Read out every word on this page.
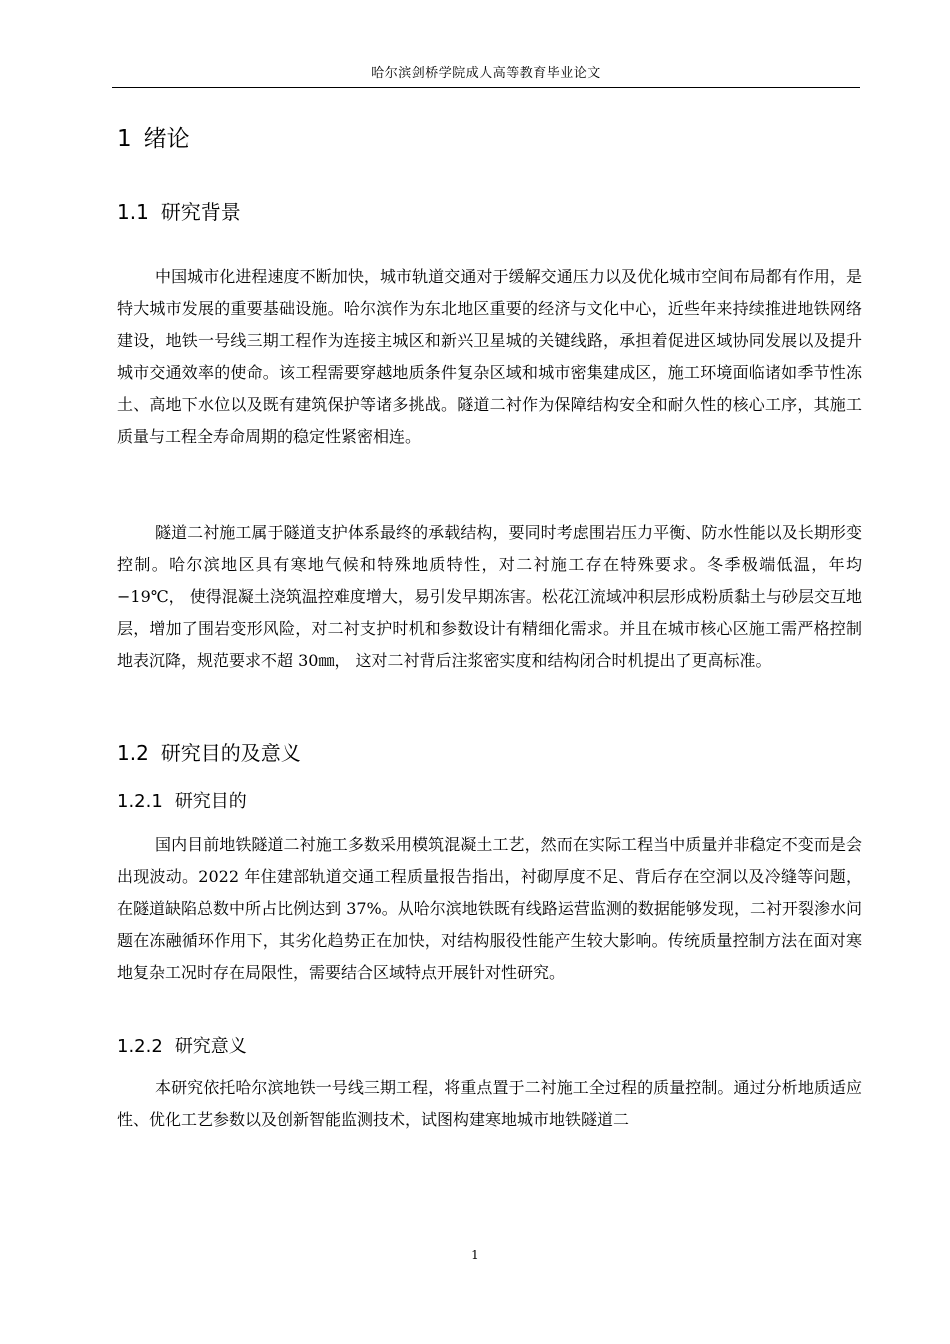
哈尔滨剑桥学院成人高等教育毕业论文
1 绪论
1.1 研究背景

中国城市化进程速度不断加快，城市轨道交通对于缓解交通压力以及优化城市空间布局都有作用，是特大城市发展的重要基础设施。哈尔滨作为东北地区重要的经济与文化中心，近些年来持续推进地铁网络建设，地铁一号线三期工程作为连接主城区和新兴卫星城的关键线路，承担着促进区域协同发展以及提升城市交通效率的使命。该工程需要穿越地质条件复杂区域和城市密集建成区，施工环境面临诸如季节性冻土、高地下水位以及既有建筑保护等诸多挑战。隧道二衬作为保障结构安全和耐久性的核心工序，其施工质量与工程全寿命周期的稳定性紧密相连。

隧道二衬施工属于隧道支护体系最终的承载结构，要同时考虑围岩压力平衡、防水性能以及长期形变控制。哈尔滨地区具有寒地气候和特殊地质特性，对二衬施工存在特殊要求。冬季极端低温，年均 −19℃， 使得混凝土浇筑温控难度增大，易引发早期冻害。松花江流域冲积层形成粉质黏土与砂层交互地层，增加了围岩变形风险，对二衬支护时机和参数设计有精细化需求。并且在城市核心区施工需严格控制地表沉降，规范要求不超 30㎜， 这对二衬背后注浆密实度和结构闭合时机提出了更高标准。

1.2 研究目的及意义
1.2.1 研究目的

国内目前地铁隧道二衬施工多数采用模筑混凝土工艺，然而在实际工程当中质量并非稳定不变而是会出现波动。2022 年住建部轨道交通工程质量报告指出，衬砌厚度不足、背后存在空洞以及冷缝等问题，在隧道缺陷总数中所占比例达到 37%。从哈尔滨地铁既有线路运营监测的数据能够发现，二衬开裂渗水问题在冻融循环作用下，其劣化趋势正在加快，对结构服役性能产生较大影响。传统质量控制方法在面对寒地复杂工况时存在局限性，需要结合区域特点开展针对性研究。

1.2.2 研究意义

本研究依托哈尔滨地铁一号线三期工程，将重点置于二衬施工全过程的质量控制。通过分析地质适应性、优化工艺参数以及创新智能监测技术，试图构建寒地城市地铁隧道二

1
